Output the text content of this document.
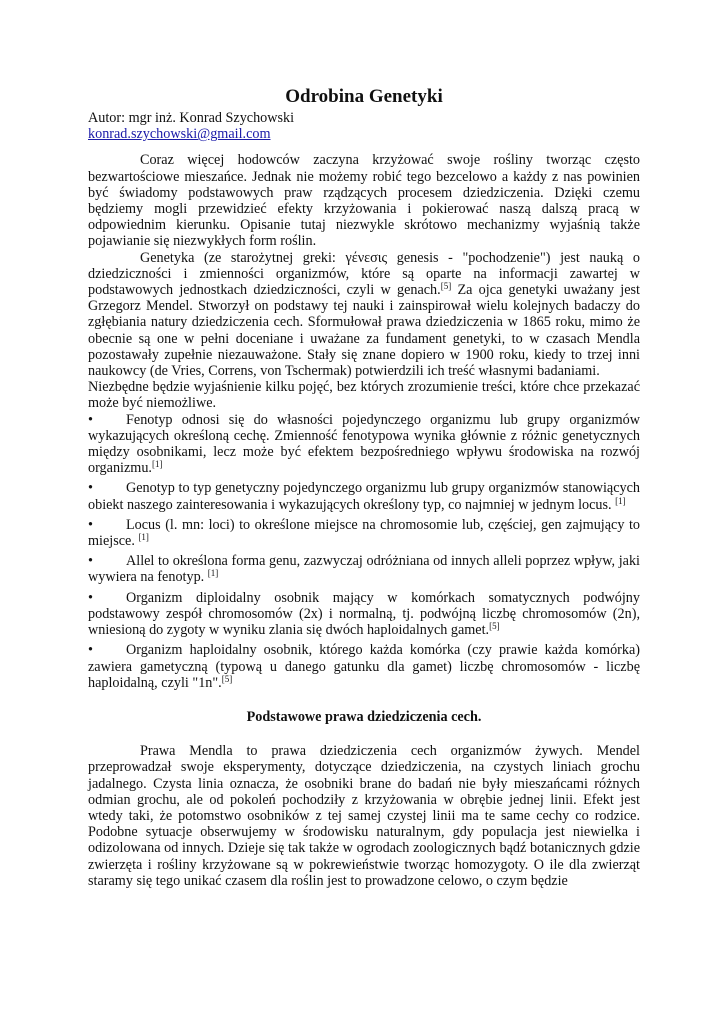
Odrobina Genetyki

Autor: mgr inż. Konrad Szychowski

konrad.szychowski@gmail.com

Coraz więcej hodowców zaczyna krzyżować swoje rośliny tworząc często bezwartościowe mieszańce. Jednak nie możemy robić tego bezcelowo a każdy z nas powinien być świadomy podstawowych praw rządzących procesem dziedziczenia. Dzięki czemu będziemy mogli przewidzieć efekty krzyżowania i pokierować naszą dalszą pracą w odpowiednim kierunku. Opisanie tutaj niezwykle skrótowo mechanizmy wyjaśnią także pojawianie się niezwykłych form roślin.

Genetyka (ze starożytnej greki: γένεσις genesis - "pochodzenie") jest nauką o dziedziczności i zmienności organizmów, które są oparte na informacji zawartej w podstawowych jednostkach dziedziczności, czyli w genach.[5] Za ojca genetyki uważany jest Grzegorz Mendel. Stworzył on podstawy tej nauki i zainspirował wielu kolejnych badaczy do zgłębiania natury dziedziczenia cech. Sformułował prawa dziedziczenia w 1865 roku, mimo że obecnie są one w pełni doceniane i uważane za fundament genetyki, to w czasach Mendla pozostawały zupełnie niezauważone. Stały się znane dopiero w 1900 roku, kiedy to trzej inni naukowcy (de Vries, Correns, von Tschermak) potwierdzili ich treść własnymi badaniami.

Niezbędne będzie wyjaśnienie kilku pojęć, bez których zrozumienie treści, które chce przekazać może być niemożliwe.

•	Fenotyp odnosi się do własności pojedynczego organizmu lub grupy organizmów wykazujących określoną cechę. Zmienność fenotypowa wynika głównie z różnic genetycznych między osobnikami, lecz może być efektem bezpośredniego wpływu środowiska na rozwój organizmu.[1]
•	Genotyp to typ genetyczny pojedynczego organizmu lub grupy organizmów stanowiących obiekt naszego zainteresowania i wykazujących określony typ, co najmniej w jednym locus. [1]
•	Locus (l. mn: loci) to określone miejsce na chromosomie lub, częściej, gen zajmujący to miejsce. [1]
•	Allel to określona forma genu, zazwyczaj odróżniana od innych alleli poprzez wpływ, jaki wywiera na fenotyp. [1]
•	Organizm diploidalny osobnik mający w komórkach somatycznych podwójny podstawowy zespół chromosomów (2x) i normalną, tj. podwójną liczbę chromosomów (2n), wniesioną do zygoty w wyniku zlania się dwóch haploidalnych gamet.[5]
•	Organizm haploidalny osobnik, którego każda komórka (czy prawie każda komórka) zawiera gametyczną (typową u danego gatunku dla gamet) liczbę chromosomów - liczbę haploidalną, czyli "1n".[5]
Podstawowe prawa dziedziczenia cech.

Prawa Mendla to prawa dziedziczenia cech organizmów żywych. Mendel przeprowadzał swoje eksperymenty, dotyczące dziedziczenia, na czystych liniach grochu jadalnego. Czysta linia oznacza, że osobniki brane do badań nie były mieszańcami różnych odmian grochu, ale od pokoleń pochodziły z krzyżowania w obrębie jednej linii. Efekt jest wtedy taki, że potomstwo osobników z tej samej czystej linii ma te same cechy co rodzice. Podobne sytuacje obserwujemy w środowisku naturalnym, gdy populacja jest niewielka i odizolowana od innych. Dzieje się tak także w ogrodach zoologicznych bądź botanicznych gdzie zwierzęta i rośliny krzyżowane są w pokrewieństwie tworząc homozygoty. O ile dla zwierząt staramy się tego unikać czasem dla roślin jest to prowadzone celowo, o czym będzie
